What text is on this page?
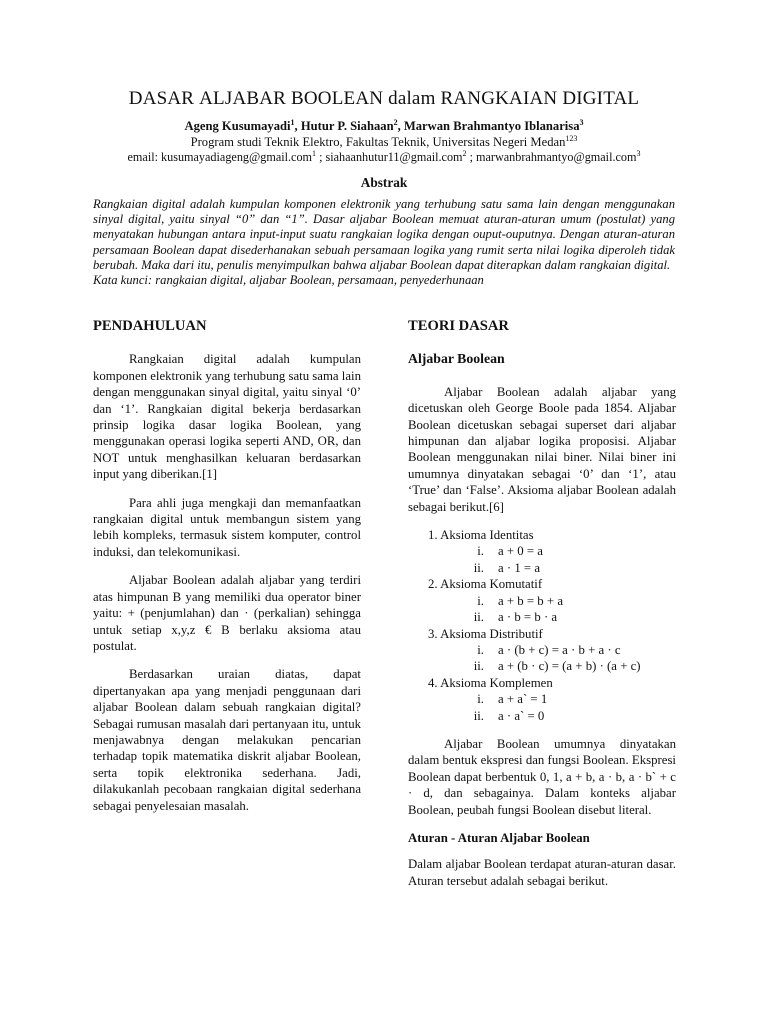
DASAR ALJABAR BOOLEAN dalam RANGKAIAN DIGITAL
Ageng Kusumayadi$^1$, Hutur P. Siahaan$^2$, Marwan Brahmantyo Iblanarisa$^3$
Program studi Teknik Elektro, Fakultas Teknik, Universitas Negeri Medan$^{123}$
email: kusumayadiageng@gmail.com$^1$ ; siahaanhutur11@gmail.com$^2$ ; marwanbrahmantyo@gmail.com$^3$
Abstrak

Rangkaian digital adalah kumpulan komponen elektronik yang terhubung satu sama lain dengan menggunakan sinyal digital, yaitu sinyal “0” dan “1”. Dasar aljabar Boolean memuat aturan-aturan umum (postulat) yang menyatakan hubungan antara input-input suatu rangkaian logika dengan ouput-ouputnya. Dengan aturan-aturan persamaan Boolean dapat disederhanakan sebuah persamaan logika yang rumit serta nilai logika diperoleh tidak berubah. Maka dari itu, penulis menyimpulkan bahwa aljabar Boolean dapat diterapkan dalam rangkaian digital.

Kata kunci: rangkaian digital, aljabar Boolean, persamaan, penyederhunaan

PENDAHULUAN

Rangkaian digital adalah kumpulan komponen elektronik yang terhubung satu sama lain dengan menggunakan sinyal digital, yaitu sinyal ‘0’ dan ‘1’. Rangkaian digital bekerja berdasarkan prinsip logika dasar logika Boolean, yang menggunakan operasi logika seperti AND, OR, dan NOT untuk menghasilkan keluaran berdasarkan input yang diberikan.[1]

Para ahli juga mengkaji dan memanfaatkan rangkaian digital untuk membangun sistem yang lebih kompleks, termasuk sistem komputer, control induksi, dan telekomunikasi.

Aljabar Boolean adalah aljabar yang terdiri atas himpunan B yang memiliki dua operator biner yaitu: + (penjumlahan) dan · (perkalian) sehingga untuk setiap x,y,z € B berlaku aksioma atau postulat.

Berdasarkan uraian diatas, dapat dipertanyakan apa yang menjadi penggunaan dari aljabar Boolean dalam sebuah rangkaian digital? Sebagai rumusan masalah dari pertanyaan itu, untuk menjawabnya dengan melakukan pencarian terhadap topik matematika diskrit aljabar Boolean, serta topik elektronika sederhana. Jadi, dilakukanlah pecobaan rangkaian digital sederhana sebagai penyelesaian masalah.

TEORI DASAR
Aljabar Boolean

Aljabar Boolean adalah aljabar yang dicetuskan oleh George Boole pada 1854. Aljabar Boolean dicetuskan sebagai superset dari aljabar himpunan dan aljabar logika proposisi. Aljabar Boolean menggunakan nilai biner. Nilai biner ini umumnya dinyatakan sebagai ‘0’ dan ‘1’, atau ‘True’ dan ‘False’. Aksioma aljabar Boolean adalah sebagai berikut.[6]

1. Aksioma Identitas
i.	a + 0 = a
ii.	a · 1 = a
2. Aksioma Komutatif
i.	a + b = b + a
ii.	a · b = b · a
3. Aksioma Distributif
i.	a · (b + c) = a · b + a · c
ii.	a + (b · c) = (a + b) · (a + c)
4. Aksioma Komplemen
i.	a + a` = 1
ii.	a · a` = 0

Aljabar Boolean umumnya dinyatakan dalam bentuk ekspresi dan fungsi Boolean. Ekspresi Boolean dapat berbentuk 0, 1, a + b, a · b, a · b` + c · d, dan sebagainya. Dalam konteks aljabar Boolean, peubah fungsi Boolean disebut literal.

Aturan - Aturan Aljabar Boolean

Dalam aljabar Boolean terdapat aturan-aturan dasar. Aturan tersebut adalah sebagai berikut.
